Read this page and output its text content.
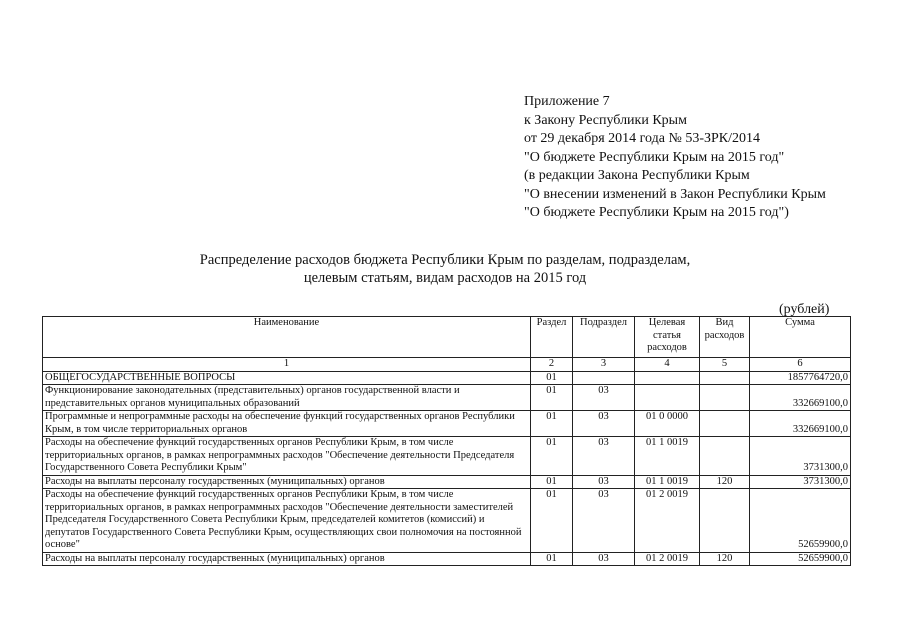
Приложение 7
к Закону Республики Крым
от 29 декабря 2014 года № 53-ЗРК/2014
"О бюджете Республики Крым на 2015 год"
(в редакции Закона Республики Крым
"О внесении изменений в Закон Республики Крым
"О бюджете Республики Крым на 2015 год")
Распределение расходов бюджета Республики Крым по разделам, подразделам,
целевым статьям, видам расходов на 2015 год
(рублей)
Наименование	Раздел	Подраздел	Целевая статья расходов	Вид расходов	Сумма
1	2	3	4	5	6
ОБЩЕГОСУДАРСТВЕННЫЕ ВОПРОСЫ	01				1857764720,0
Функционирование законодательных (представительных) органов государственной власти и представительных органов муниципальных образований	01	03			332669100,0
Программные и непрограммные расходы на обеспечение функций государственных органов Республики Крым, в том числе территориальных органов	01	03	01 0 0000		332669100,0
Расходы на обеспечение функций государственных органов Республики Крым, в том числе территориальных органов, в рамках непрограммных расходов "Обеспечение деятельности Председателя Государственного Совета Республики Крым"	01	03	01 1 0019		3731300,0
Расходы на выплаты персоналу государственных (муниципальных) органов	01	03	01 1 0019	120	3731300,0
Расходы на обеспечение функций государственных органов Республики Крым, в том числе территориальных органов, в рамках непрограммных расходов "Обеспечение деятельности заместителей Председателя Государственного Совета Республики Крым, председателей комитетов (комиссий) и депутатов Государственного Совета Республики Крым, осуществляющих свои полномочия на постоянной основе"	01	03	01 2 0019		52659900,0
Расходы на выплаты персоналу государственных (муниципальных) органов	01	03	01 2 0019	120	52659900,0
